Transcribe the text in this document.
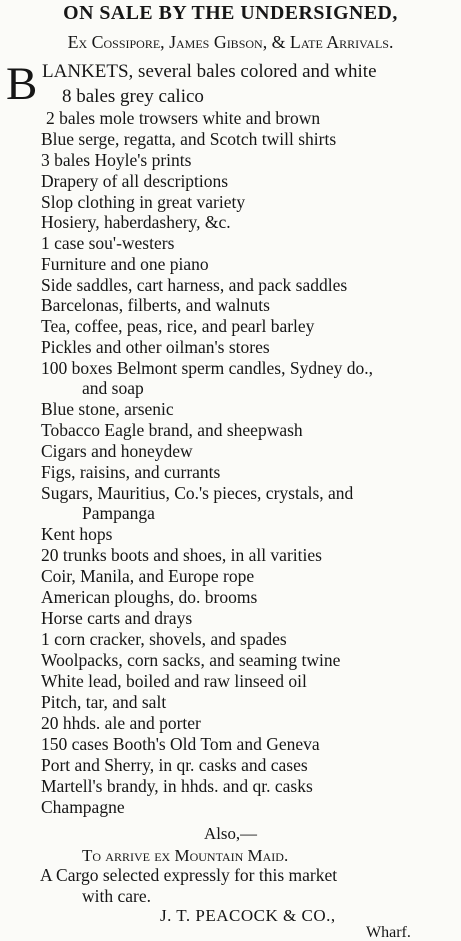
ON SALE BY THE UNDERSIGNED,
Ex Cossipore, James Gibson, & Late Arrivals.
B LANKETS, several bales colored and white
8 bales grey calico
2 bales mole trowsers white and brown
Blue serge, regatta, and Scotch twill shirts
3 bales Hoyle's prints
Drapery of all descriptions
Slop clothing in great variety
Hosiery, haberdashery, &c.
1 case sou'-westers
Furniture and one piano
Side saddles, cart harness, and pack saddles
Barcelonas, filberts, and walnuts
Tea, coffee, peas, rice, and pearl barley
Pickles and other oilman's stores
100 boxes Belmont sperm candles, Sydney do.,
and soap
Blue stone, arsenic
Tobacco Eagle brand, and sheepwash
Cigars and honeydew
Figs, raisins, and currants
Sugars, Mauritius, Co.'s pieces, crystals, and
Pampanga
Kent hops
20 trunks boots and shoes, in all varities
Coir, Manila, and Europe rope
American ploughs, do. brooms
Horse carts and drays
1 corn cracker, shovels, and spades
Woolpacks, corn sacks, and seaming twine
White lead, boiled and raw linseed oil
Pitch, tar, and salt
20 hhds. ale and porter
150 cases Booth's Old Tom and Geneva
Port and Sherry, in qr. casks and cases
Martell's brandy, in hhds. and qr. casks
Champagne
Also,—
To arrive ex Mountain Maid.
A Cargo selected expressly for this market
with care.
J. T. PEACOCK & CO.,
Wharf.
